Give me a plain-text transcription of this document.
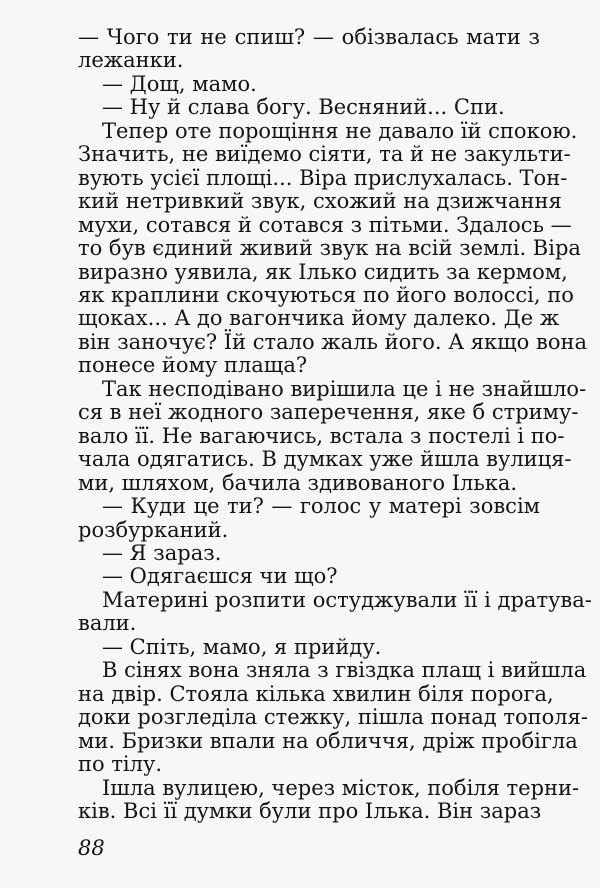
— Чого ти не спиш? — обізвалась мати з
лежанки.
— Дощ, мамо.
— Ну й слава богу. Весняний... Спи.
Тепер оте порощіння не давало їй спокою.
Значить, не виїдемо сіяти, та й не закульти-
вують усієї площі... Віра прислухалась. Тон-
кий нетривкий звук, схожий на дзижчання
мухи, сотався й сотався з пітьми. Здалось —
то був єдиний живий звук на всій землі. Віра
виразно уявила, як Ілько сидить за кермом,
як краплини скочуються по його волоссі, по
щоках... А до вагончика йому далеко. Де ж
він заночує? Їй стало жаль його. А якщо вона
понесе йому плаща?
Так несподівано вирішила це і не знайшло-
ся в неї жодного заперечення, яке б стриму-
вало її. Не вагаючись, встала з постелі і по-
чала одягатись. В думках уже йшла вулиця-
ми, шляхом, бачила здивованого Ілька.
— Куди це ти? — голос у матері зовсім
розбурканий.
— Я зараз.
— Одягаєшся чи що?
Материні розпити остуджували її і дратува-
вали.
— Спіть, мамо, я прийду.
В сінях вона зняла з гвіздка плащ і вийшла
на двір. Стояла кілька хвилин біля порога,
доки розгледіла стежку, пішла понад тополя-
ми. Бризки впали на обличчя, дріж пробігла
по тілу.
Ішла вулицею, через місток, побіля терни-
ків. Всі її думки були про Ілька. Він зараз
88
